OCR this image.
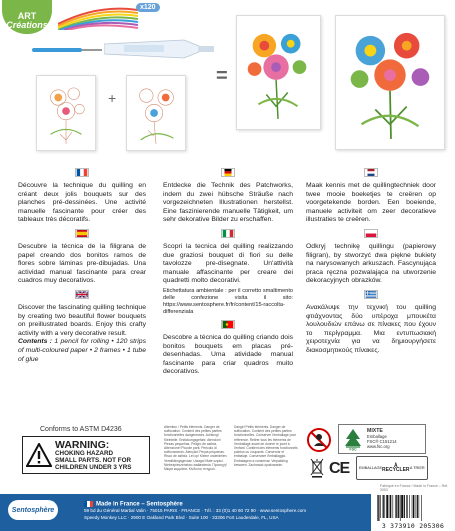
ART
Créations
x120
+
=
Découvre la technique du quilling en créant deux jolis bouquets sur des planches pré-dessinées. Une activité manuelle fascinante pour créer des tableaux très décoratifs.
Descubre la técnica de la filigrana de papel creando dos bonitos ramos de flores sobre láminas pre-dibujadas. Una actividad manual fascinante para crear cuadros muy decorativos.
Discover the fascinating quilling technique by creating two beautiful flower bouquets on preillustrated boards. Enjoy this crafty activity with a very decorative result.
Contents : 1 pencil for rolling • 120 strips of multi-coloured paper • 2 frames • 1 tube of glue
Entdecke die Technik des Patchworks, indem du zwei hübsche Sträuße nach vorgezeichneten Illustrationen herstellst. Eine faszinierende manuelle Tätigkeit, um sehr dekorative Bilder zu erschaffen.
Scopri la tecnica del quilling realizzando due graziosi bouquet di fiori su delle tavolozze pre-disegnate. Un'attività manuale affascinante per creare dei quadretti molto decorativi.
Etichettatura ambientale : per il corretto smaltimento delle confezione visita il sito: https://www.sentosphere.fr/fr/content/15-raccolta-differenziata
Descobre a técnica do quilling criando dois bonitos bouquets em placas pré-desenhadas. Uma atividade manual fascinante para criar quadros muito decorativos.
Maak kennis met de quillingtechniek door twee mooie boeketjes te creëren op voorgetekende borden. Een boeiende, manuele activiteit om zeer decoratieve illustraties te creëren.
Odkryj technikę quillingu (papierowy filigran), by stworzyć dwa piękne bukiety na narysowanych arkuszach. Fascynująca praca ręczna pozwalająca na utworzenie dekoracyjnych obrazków.
Ανακάλυψε την τεχνική του quilling φτιάχνοντας δύο υπέροχα μπουκέτα λουλουδιών επάνω σε πίνακες που έχουν το περίγραμμα. Μια εντυπωσιακή χειροτεχνία για να δημιουργήσετε διακοσμητικούς πίνακες.
Conforms to ASTM D4236
WARNING:
CHOKING HAZARD
SMALL PARTS. NOT FOR
CHILDREN UNDER 3 YRS
Attention ! Petits éléments. Danger de suffocation. Contient des petites parties fonctionnelles dangereuses. Achtung! Kleinteile. Erstickungsgefahr. Atención! Piezas pequeñas. Peligro de asfixia. Attenzione! Piccole parti. Pericolo di soffocamento. Atenção! Peças pequenas. Risco de asfixia. Let op! Kleine onderdelen. Verstikkingsgevaar. Uwaga! Małe części. Niebezpieczeństwo zadławienia. Προσοχή! Μικρά κομμάτια. Κίνδυνος πνιγμού.
Dangé! Petits éléments. Danger de suffocation. Contient des petites parties fonctionnelles. Conserver l'emballage pour référence. Retirer tous les éléments de l'emballage avant de donner le jouet à l'enfant. Contient des éléments fonctionnels pointus ou coupants. Conservar el embalaje. Conservare l'imballaggio. Embalagem a conservar. Verpakking bewaren. Zachować opakowanie.
FSC
MIXTE
Emballage
FSC® C151214
www.fsc.org
CE	EMBALLAGE	À RECYCLER A TRIER
Sentosphère
Made in France – Sentosphère
59 bd du Général Martial Valin · 75015 PARIS · FRANCE · Tél. : 33 (0)1 40 60 72 90 · www.sentosphere.com
Speedy Monkey LLC · 2900 E Oakland Park Blvd · Suite 100 · 33306 Fort Lauderdale, FL, USA
Fabriqué en France / Made in France – Réf. 3053
3 373910 205306
